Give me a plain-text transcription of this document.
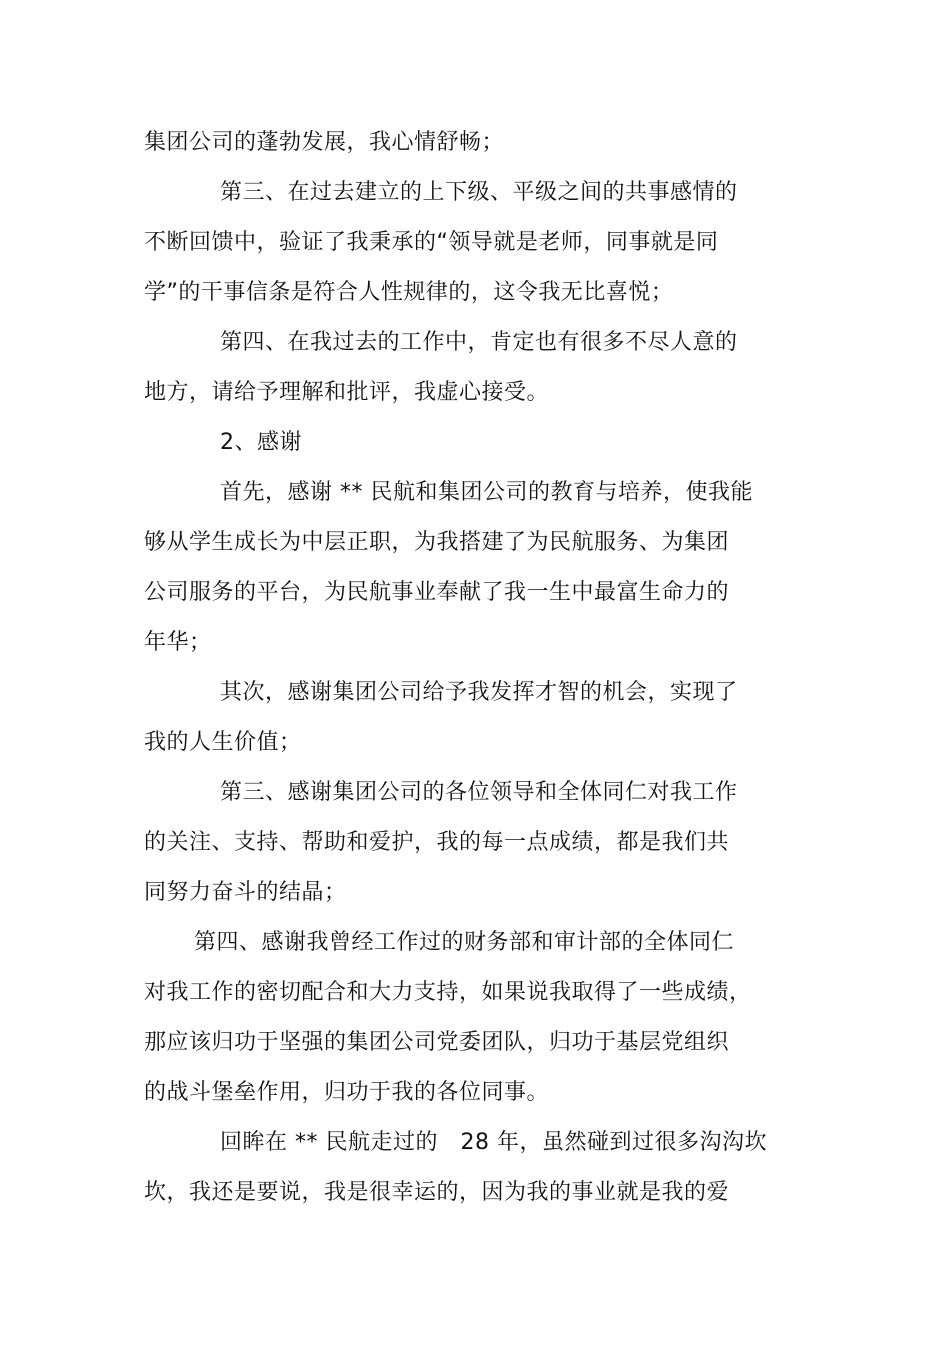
集团公司的蓬勃发展，我心情舒畅；
第三、在过去建立的上下级、平级之间的共事感情的
不断回馈中，验证了我秉承的“领导就是老师，同事就是同
学”的干事信条是符合人性规律的，这令我无比喜悦；
第四、在我过去的工作中，肯定也有很多不尽人意的
地方，请给予理解和批评，我虚心接受。
2、感谢
首先，感谢 ** 民航和集团公司的教育与培养，使我能
够从学生成长为中层正职，为我搭建了为民航服务、为集团
公司服务的平台，为民航事业奉献了我一生中最富生命力的
年华；
其次，感谢集团公司给予我发挥才智的机会，实现了
我的人生价值；
第三、感谢集团公司的各位领导和全体同仁对我工作
的关注、支持、帮助和爱护，我的每一点成绩，都是我们共
同努力奋斗的结晶；
第四、感谢我曾经工作过的财务部和审计部的全体同仁
对我工作的密切配合和大力支持，如果说我取得了一些成绩，
那应该归功于坚强的集团公司党委团队，归功于基层党组织
的战斗堡垒作用，归功于我的各位同事。
回眸在 ** 民航走过的　28 年，虽然碰到过很多沟沟坎
坎，我还是要说，我是很幸运的，因为我的事业就是我的爱
